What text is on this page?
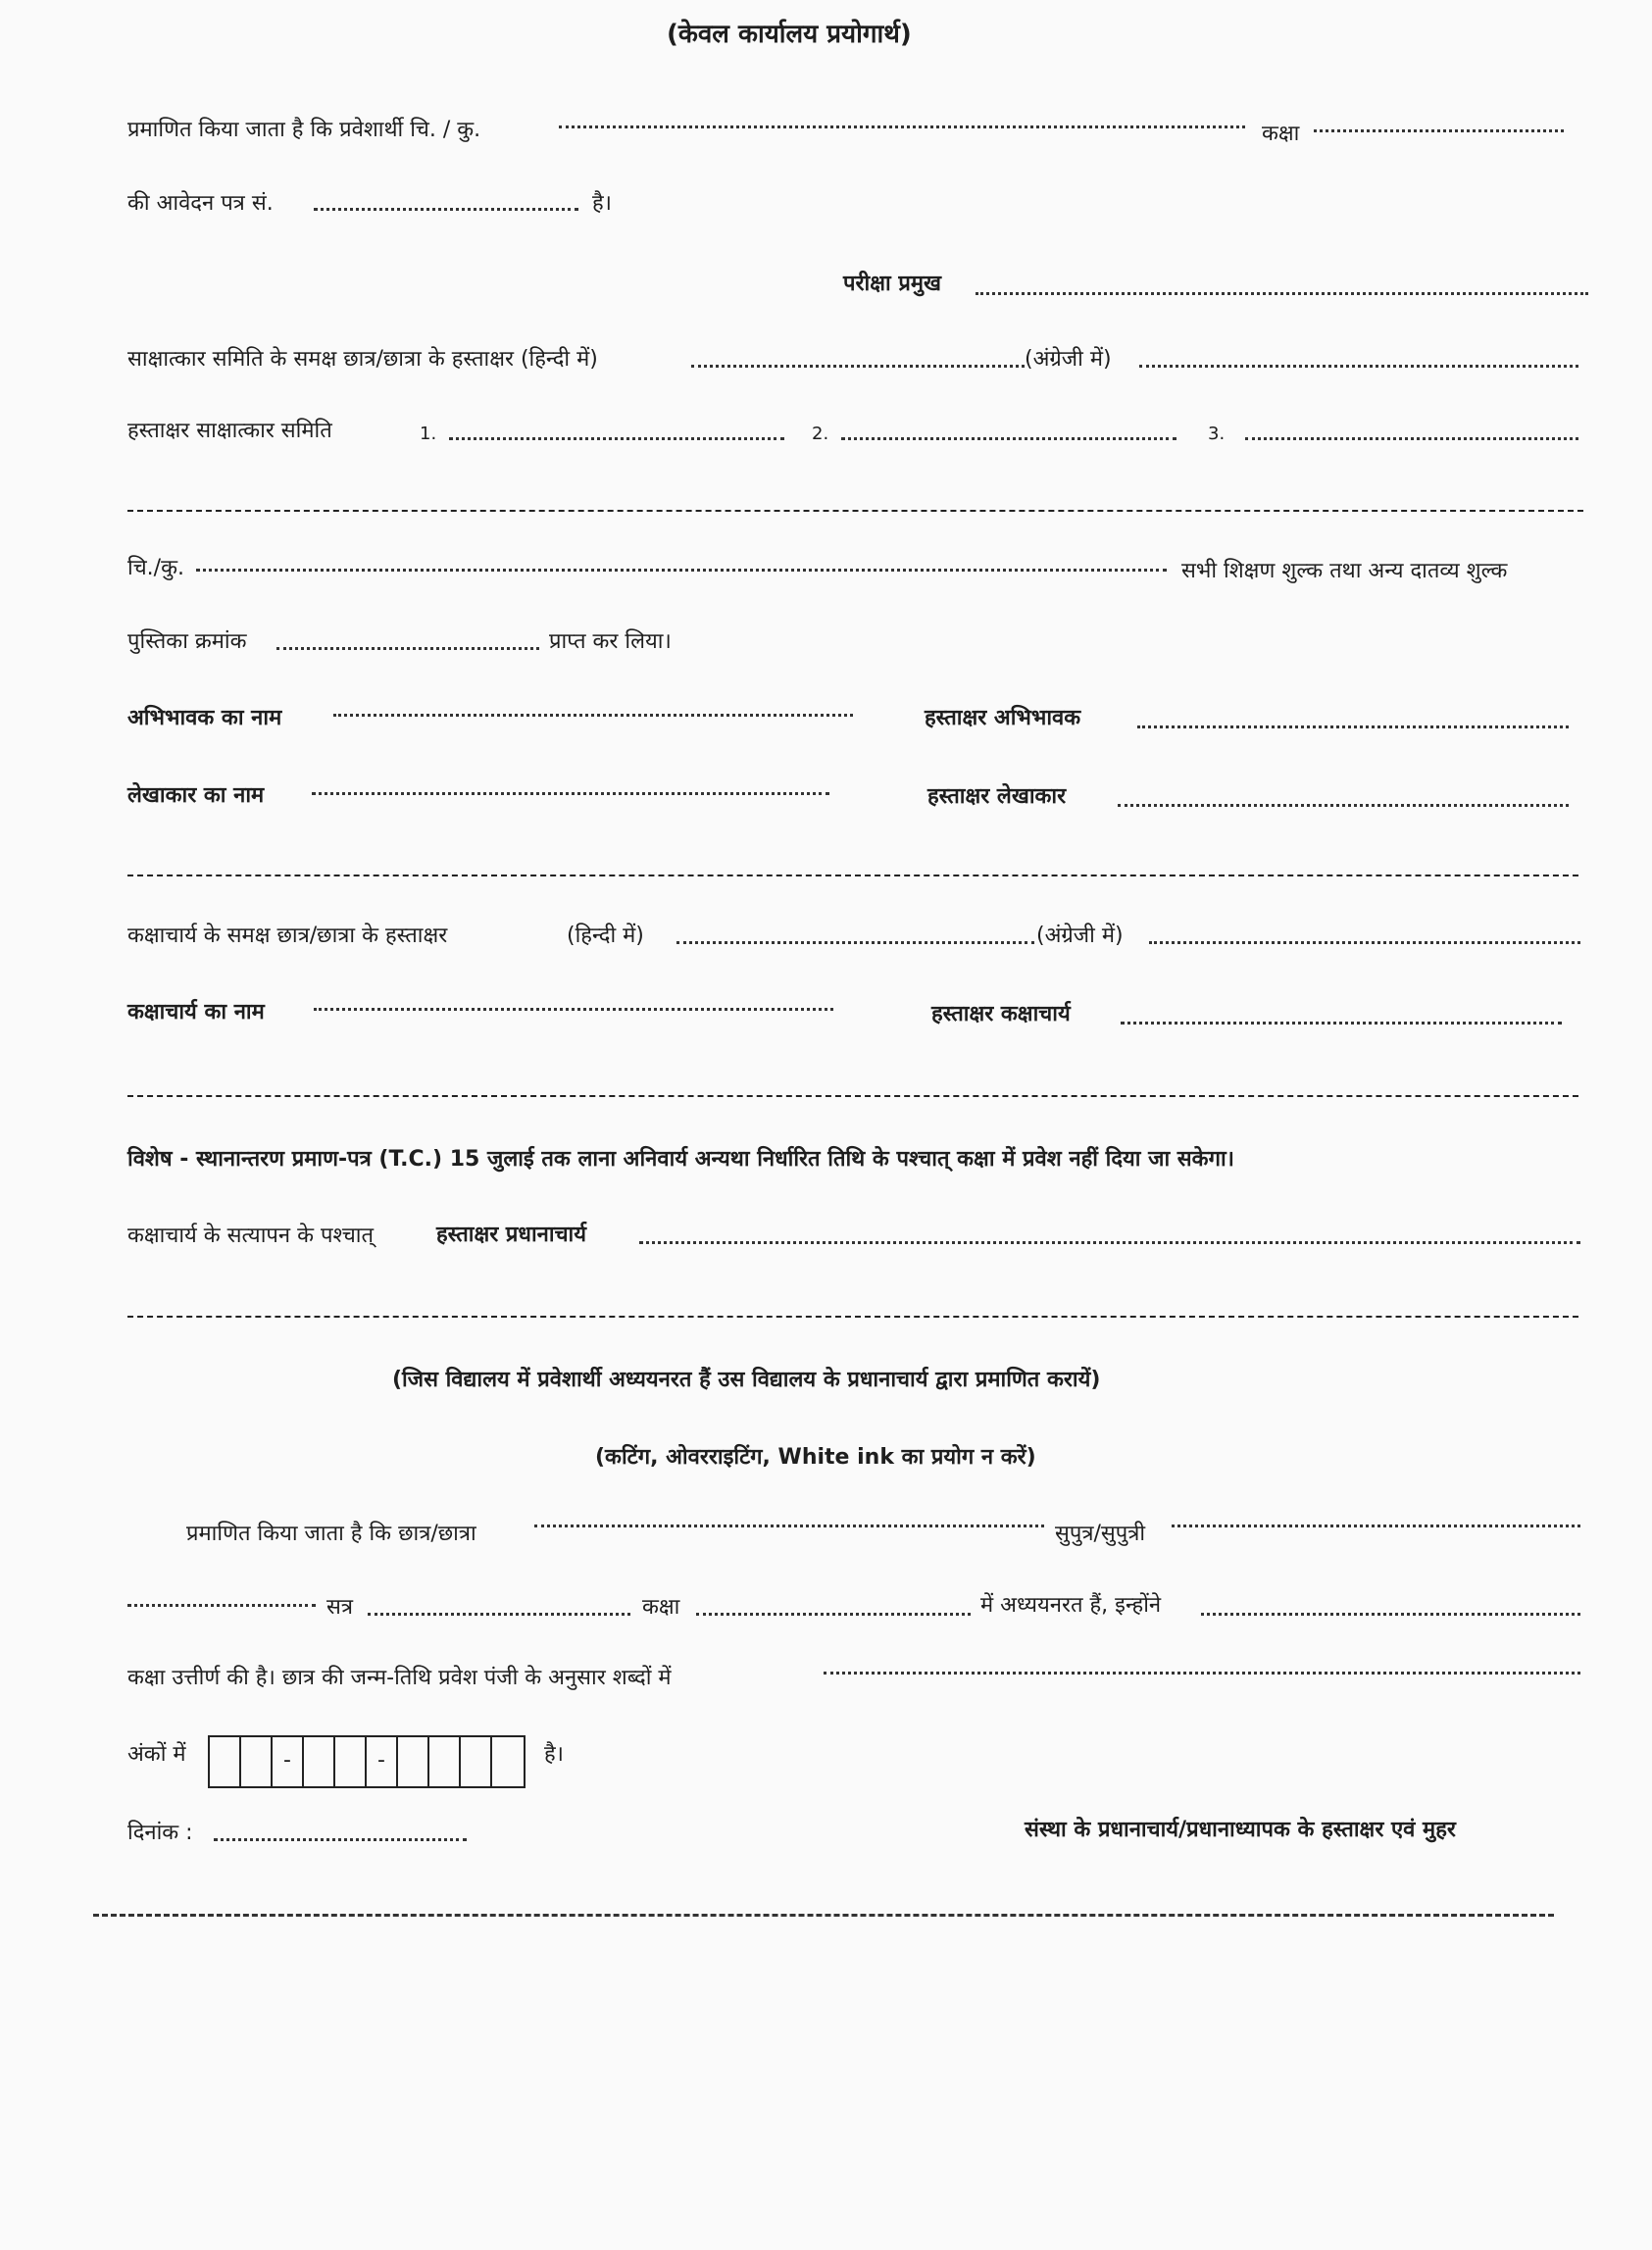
(केवल कार्यालय प्रयोगार्थ)
प्रमाणित किया जाता है कि प्रवेशार्थी चि. / कु.	कक्षा
की आवेदन पत्र सं.	है।
परीक्षा प्रमुख
साक्षात्कार समिति के समक्ष छात्र/छात्रा के हस्ताक्षर (हिन्दी में)	(अंग्रेजी में)
हस्ताक्षर साक्षात्कार समिति	1.	2.	3.
चि./कु.	सभी शिक्षण शुल्क तथा अन्य दातव्य शुल्क
पुस्तिका क्रमांक	प्राप्त कर लिया।
अभिभावक का नाम	हस्ताक्षर अभिभावक
लेखाकार का नाम	हस्ताक्षर लेखाकार
कक्षाचार्य के समक्ष छात्र/छात्रा के हस्ताक्षर	(हिन्दी में)	(अंग्रेजी में)
कक्षाचार्य का नाम	हस्ताक्षर कक्षाचार्य
विशेष - स्थानान्तरण प्रमाण-पत्र (T.C.) 15 जुलाई तक लाना अनिवार्य अन्यथा निर्धारित तिथि के पश्चात् कक्षा में प्रवेश नहीं दिया जा सकेगा।
कक्षाचार्य के सत्यापन के पश्चात्	हस्ताक्षर प्रधानाचार्य
(जिस विद्यालय में प्रवेशार्थी अध्ययनरत हैं उस विद्यालय के प्रधानाचार्य द्वारा प्रमाणित करायें)
(कटिंग, ओवरराइटिंग, White ink का प्रयोग न करें)
प्रमाणित किया जाता है कि छात्र/छात्रा	सुपुत्र/सुपुत्री
सत्र	कक्षा	में अध्ययनरत हैं, इन्होंने
कक्षा उत्तीर्ण की है। छात्र की जन्म-तिथि प्रवेश पंजी के अनुसार शब्दों में
अंकों में	-	-	है।
दिनांक :	संस्था के प्रधानाचार्य/प्रधानाध्यापक के हस्ताक्षर एवं मुहर
